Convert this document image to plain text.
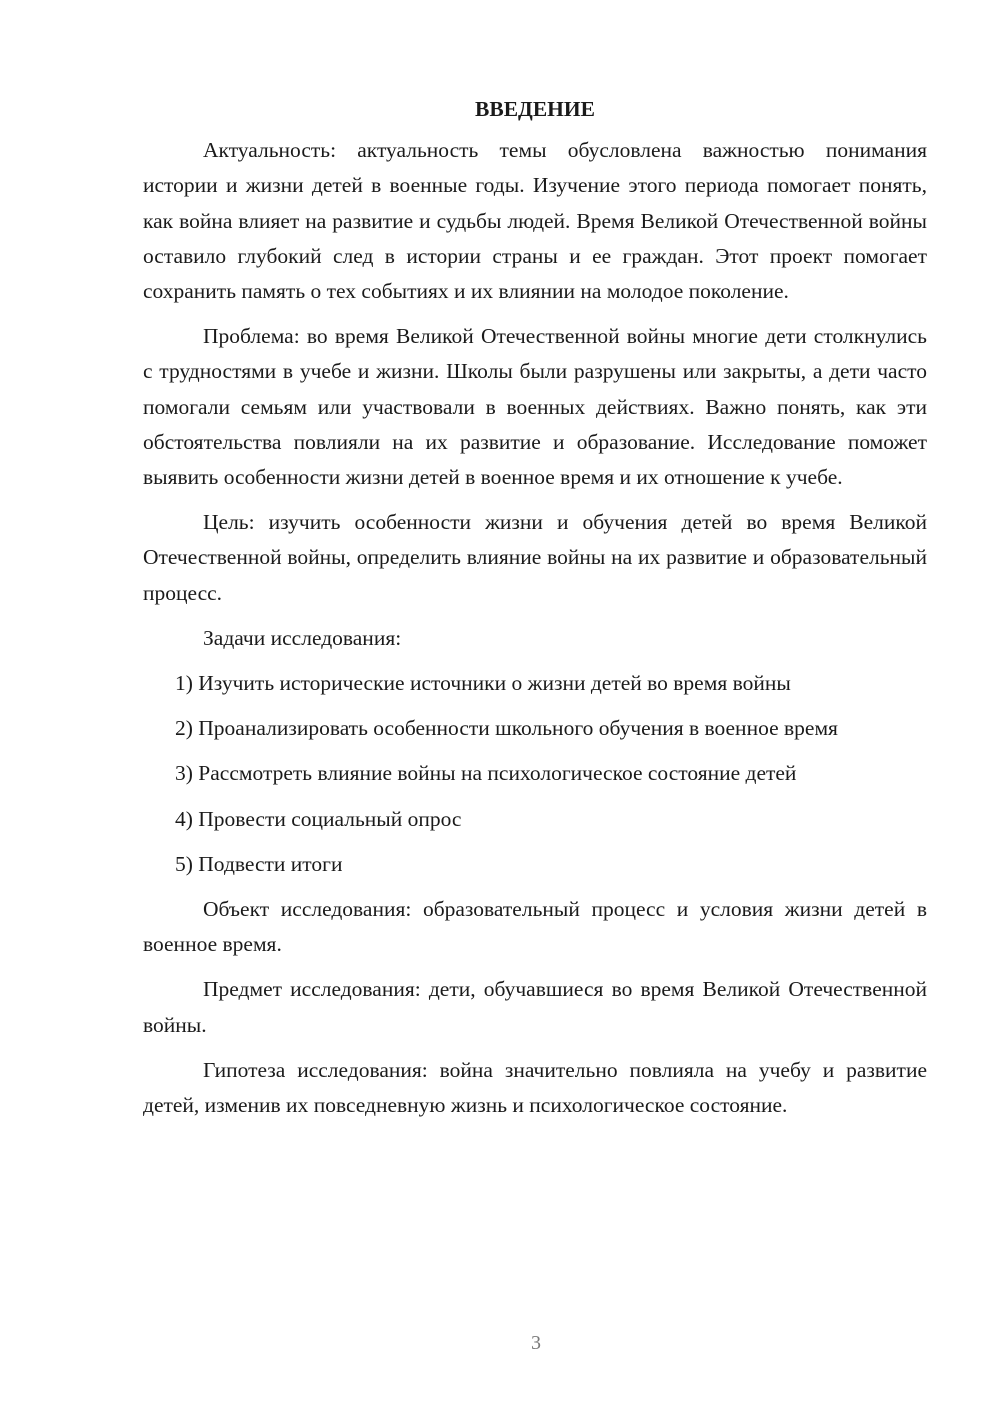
ВВЕДЕНИЕ

Актуальность: актуальность темы обусловлена важностью понимания истории и жизни детей в военные годы. Изучение этого периода помогает понять, как война влияет на развитие и судьбы людей. Время Великой Отечественной войны оставило глубокий след в истории страны и ее граждан. Этот проект помогает сохранить память о тех событиях и их влиянии на молодое поколение.

Проблема: во время Великой Отечественной войны многие дети столкнулись с трудностями в учебе и жизни. Школы были разрушены или закрыты, а дети часто помогали семьям или участвовали в военных действиях. Важно понять, как эти обстоятельства повлияли на их развитие и образование. Исследование поможет выявить особенности жизни детей в военное время и их отношение к учебе.

Цель: изучить особенности жизни и обучения детей во время Великой Отечественной войны, определить влияние войны на их развитие и образовательный процесс.

Задачи исследования:

1) Изучить исторические источники о жизни детей во время войны

2) Проанализировать особенности школьного обучения в военное время

3) Рассмотреть влияние войны на психологическое состояние детей

4) Провести социальный опрос

5) Подвести итоги

Объект исследования: образовательный процесс и условия жизни детей в военное время.

Предмет исследования: дети, обучавшиеся во время Великой Отечественной войны.

Гипотеза исследования: война значительно повлияла на учебу и развитие детей, изменив их повседневную жизнь и психологическое состояние.

3
